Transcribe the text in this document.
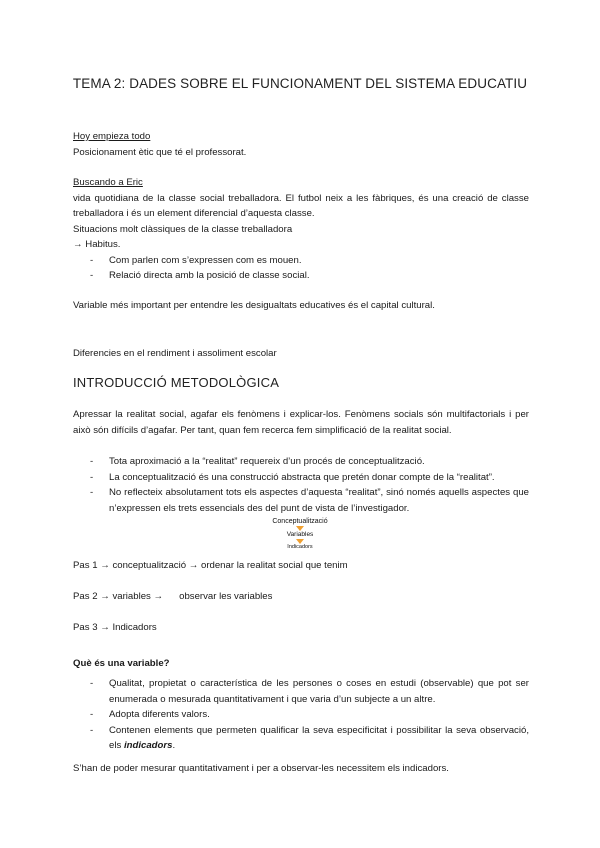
TEMA 2: DADES SOBRE EL FUNCIONAMENT DEL SISTEMA EDUCATIU
Hoy empieza todo
Posicionament ètic que té el professorat.
Buscando a Eric
vida quotidiana de la classe social treballadora. El futbol neix a les fàbriques, és una creació de classe treballadora i és un element diferencial d’aquesta classe.
Situacions molt clàssiques de la classe treballadora
→ Habitus.
- Com parlen com s’expressen com es mouen.
- Relació directa amb la posició de classe social.
Variable més important per entendre les desigualtats educatives és el capital cultural.
Diferencies en el rendiment i assoliment escolar
INTRODUCCIÓ METODOLÒGICA
Apressar la realitat social, agafar els fenòmens i explicar-los. Fenòmens socials són multifactorials i per això són difícils d’agafar. Per tant, quan fem recerca fem simplificació de la realitat social.
- Tota aproximació a la “realitat” requereix d’un procés de conceptualització.
- La conceptualització és una construcció abstracta que pretén donar compte de la “realitat”.
- No reflecteix absolutament tots els aspectes d’aquesta “realitat”, sinó només aquells aspectes que n’expressen els trets essencials des del punt de vista de l’investigador.
Conceptualització
Variables
Indicadors
Pas 1 → conceptualització → ordenar la realitat social que tenim
Pas 2 → variables → observar les variables
Pas 3 → Indicadors
Què és una variable?
- Qualitat, propietat o característica de les persones o coses en estudi (observable) que pot ser enumerada o mesurada quantitativament i que varia d’un subjecte a un altre.
- Adopta diferents valors.
- Contenen elements que permeten qualificar la seva especificitat i possibilitar la seva observació, els indicadors.
S’han de poder mesurar quantitativament i per a observar-les necessitem els indicadors.
